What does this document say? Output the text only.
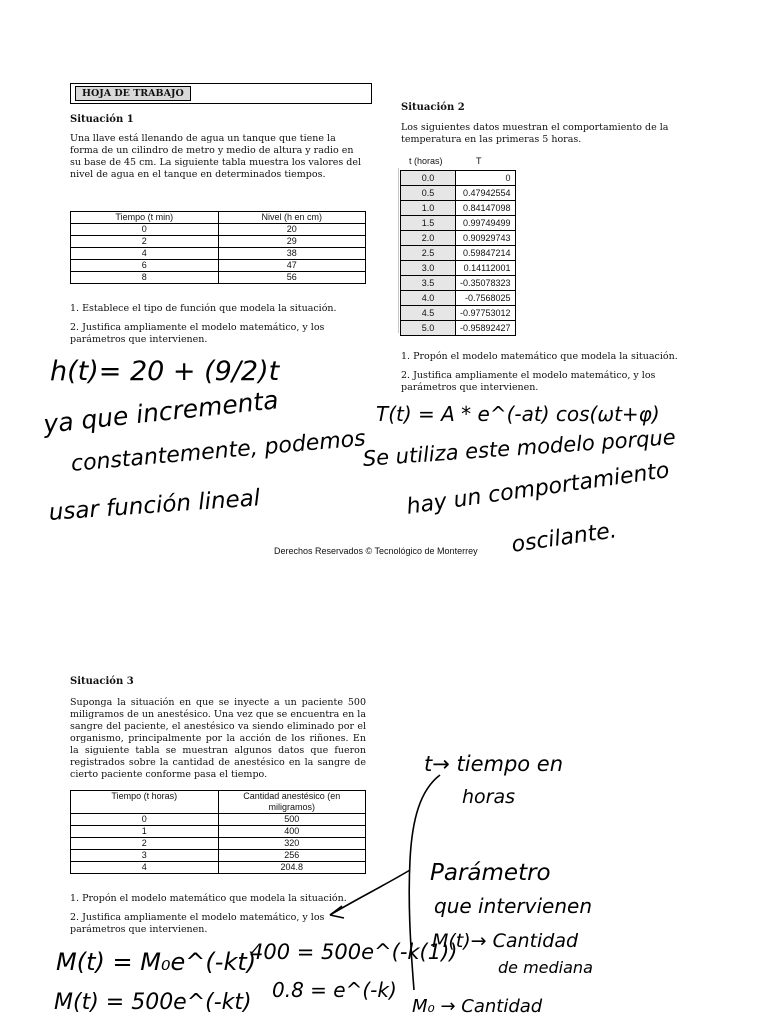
HOJA DE TRABAJO
Situación 1

Una llave está llenando de agua un tanque que tiene la forma de un cilindro de metro y medio de altura y radio en su base de 45 cm. La siguiente tabla muestra los valores del nivel de agua en el tanque en determinados tiempos.

Tiempo (t min)	Nivel (h en cm)
0	20
2	29
4	38
6	47
8	56

1. Establece el tipo de función que modela la situación.

2. Justifica ampliamente el modelo matemático, y los parámetros que intervienen.

Situación 2

Los siguientes datos muestran el comportamiento de la temperatura en las primeras 5 horas.

t (horas)	T
0.0	0
0.5	0.47942554
1.0	0.84147098
1.5	0.99749499
2.0	0.90929743
2.5	0.59847214
3.0	0.14112001
3.5	-0.35078323
4.0	-0.7568025
4.5	-0.97753012
5.0	-0.95892427

1. Propón el modelo matemático que modela la situación.

2. Justifica ampliamente el modelo matemático, y los parámetros que intervienen.

h(t)= 20 + (9/2)t
ya que incrementa
constantemente, podemos
usar función lineal
T(t) = A * e^(-at) cos(ωt+φ)
Se utiliza este modelo porque
hay un comportamiento
oscilante.
Derechos Reservados © Tecnológico de Monterrey
Situación 3

Suponga la situación en que se inyecte a un paciente 500 miligramos de un anestésico. Una vez que se encuentra en la sangre del paciente, el anestésico va siendo eliminado por el organismo, principalmente por la acción de los riñones. En la siguiente tabla se muestran algunos datos que fueron registrados sobre la cantidad de anestésico en la sangre de cierto paciente conforme pasa el tiempo.

Tiempo (t horas)	Cantidad anestésico (en miligramos)
0	500
1	400
2	320
3	256
4	204.8

1. Propón el modelo matemático que modela la situación.

2. Justifica ampliamente el modelo matemático, y los parámetros que intervienen.

t→ tiempo en
horas
Parámetro
que intervienen
M(t)→ Cantidad
de mediana
M₀ → Cantidad
M(t) = M₀e^(-kt)
M(t) = 500e^(-kt)
400 = 500e^(-k(1))
0.8 = e^(-k)
